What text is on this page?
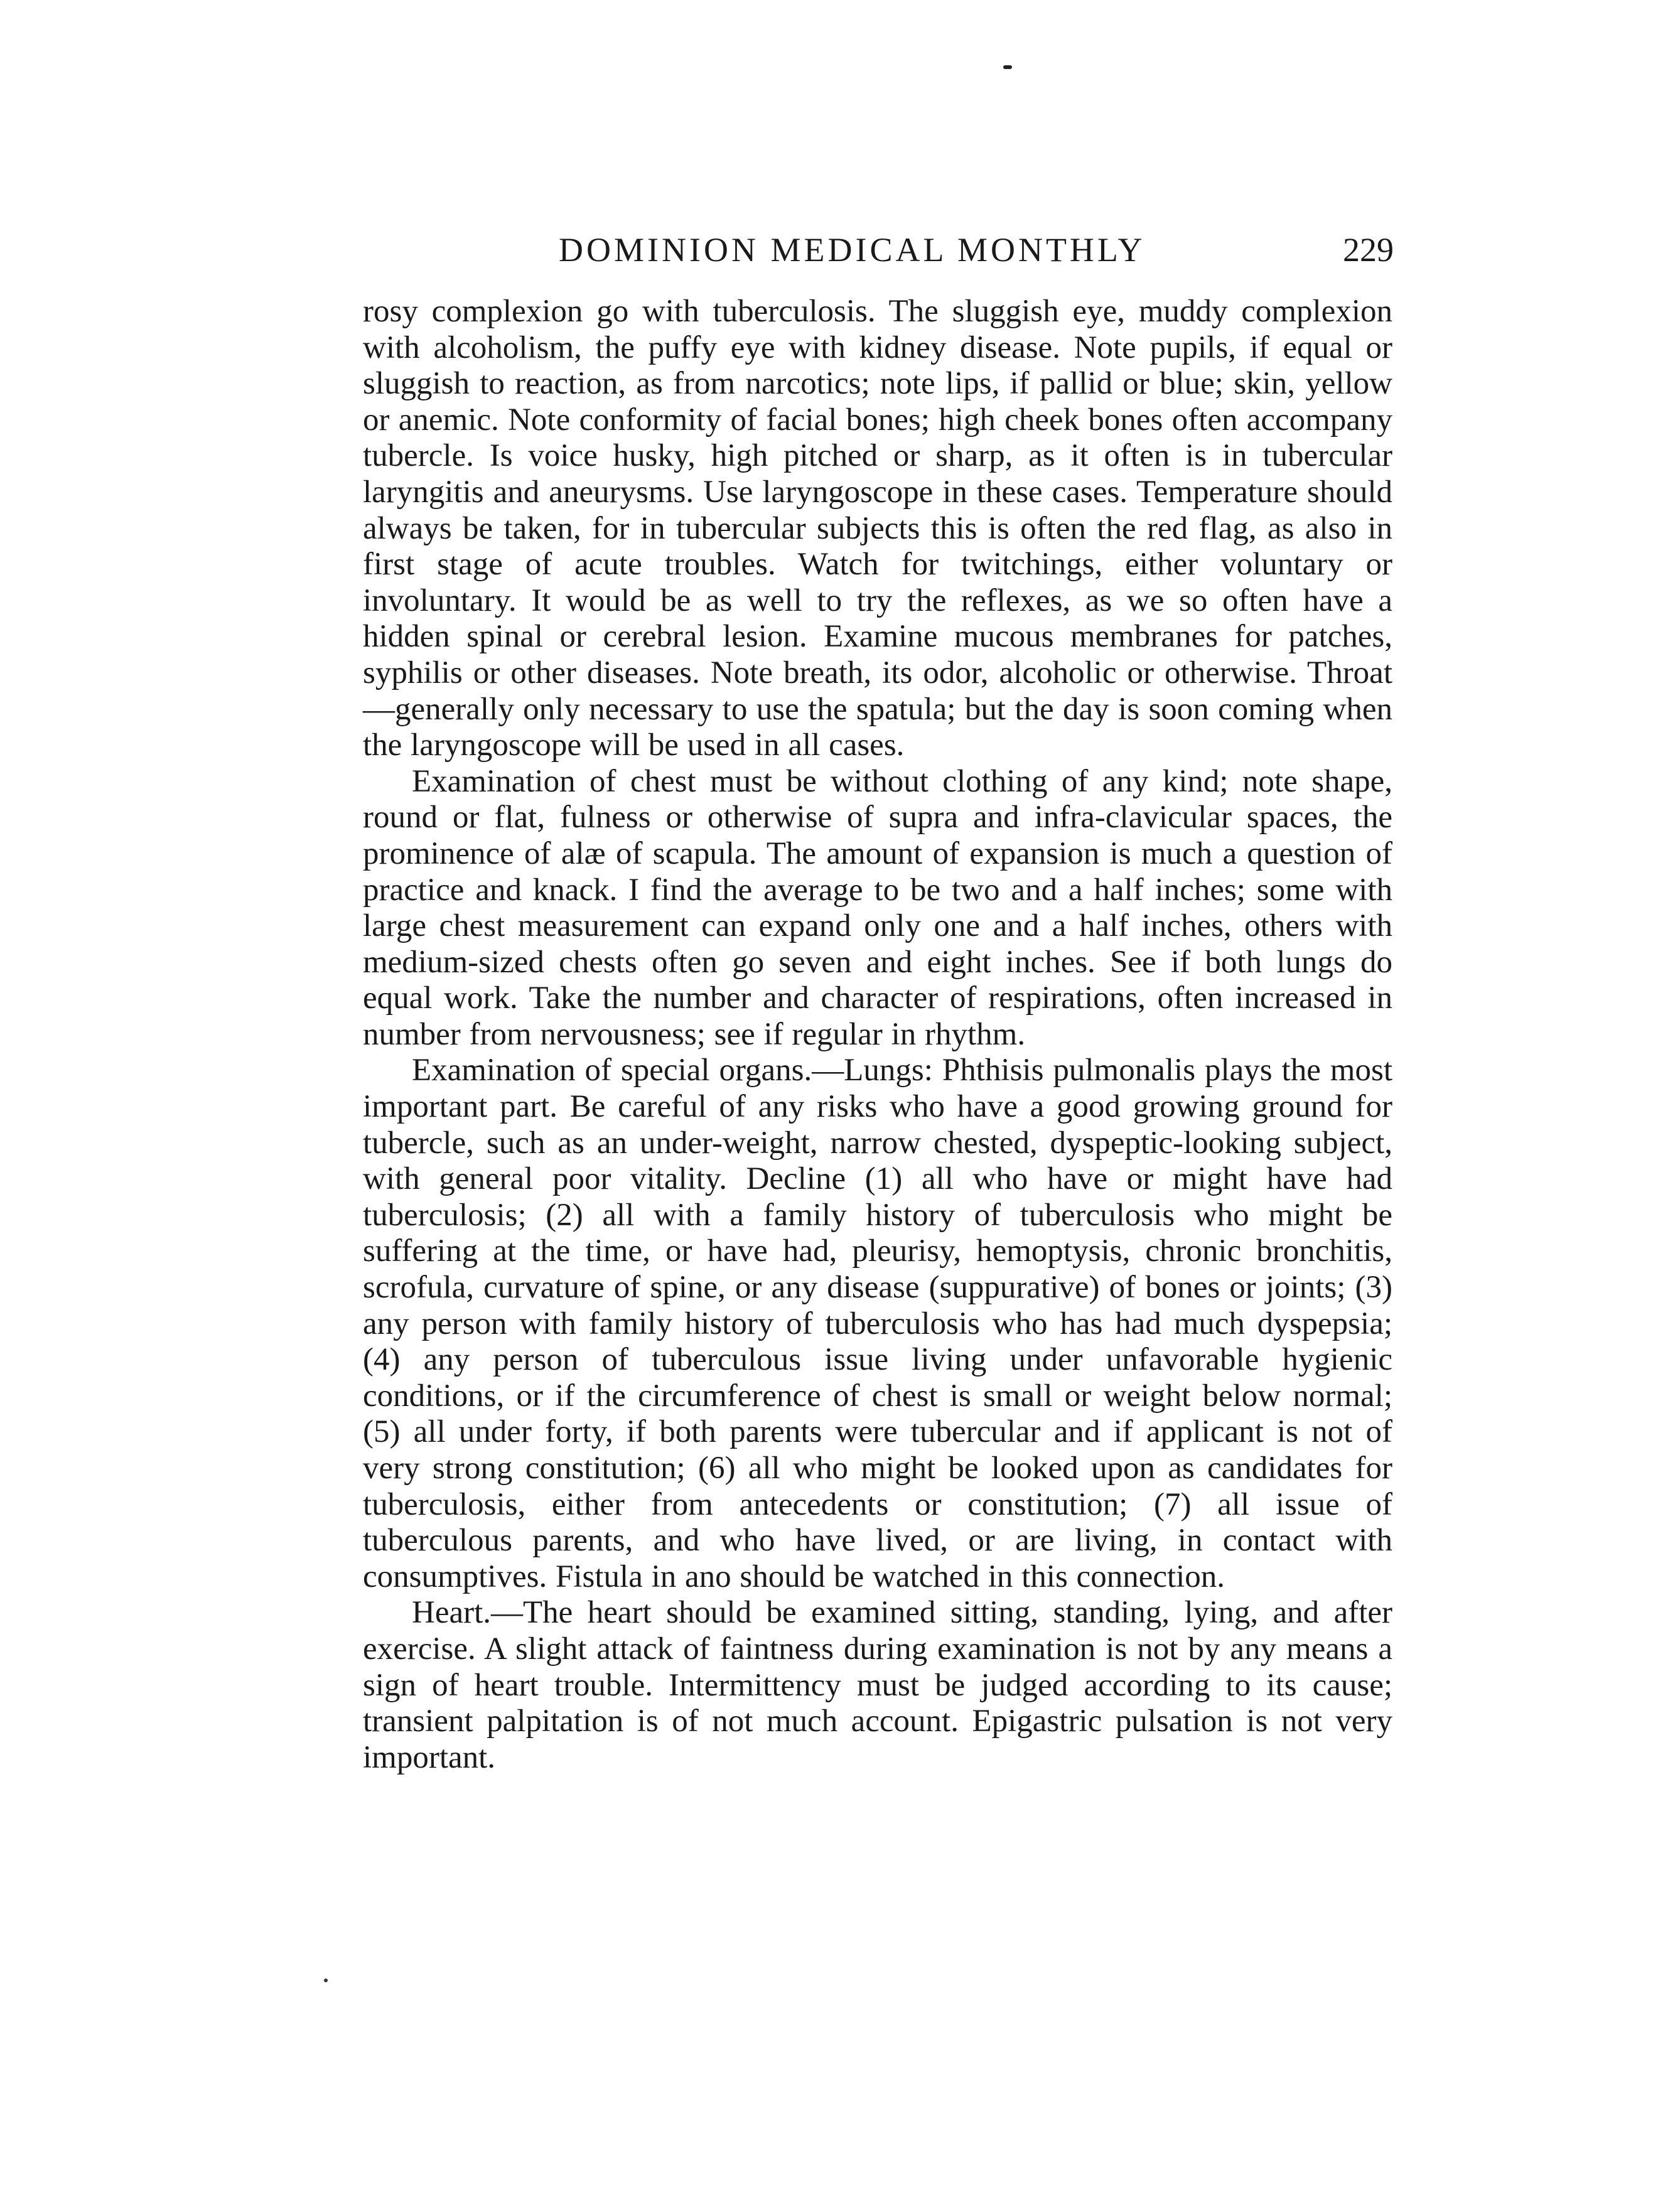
DOMINION MEDICAL MONTHLY	229

rosy complexion go with tuberculosis. The sluggish eye, muddy complexion with alcoholism, the puffy eye with kidney disease. Note pupils, if equal or sluggish to reaction, as from narcotics; note lips, if pallid or blue; skin, yellow or anemic. Note conformity of facial bones; high cheek bones often accompany tubercle. Is voice husky, high pitched or sharp, as it often is in tubercular laryngitis and aneurysms. Use laryngoscope in these cases. Temperature should always be taken, for in tubercular subjects this is often the red flag, as also in first stage of acute troubles. Watch for twitchings, either voluntary or involuntary. It would be as well to try the reflexes, as we so often have a hidden spinal or cerebral lesion. Examine mucous membranes for patches, syphilis or other diseases. Note breath, its odor, alcoholic or otherwise. Throat—generally only necessary to use the spatula; but the day is soon coming when the laryngoscope will be used in all cases.

Examination of chest must be without clothing of any kind; note shape, round or flat, fulness or otherwise of supra and infra-clavicular spaces, the prominence of alæ of scapula. The amount of expansion is much a question of practice and knack. I find the average to be two and a half inches; some with large chest measurement can expand only one and a half inches, others with medium-sized chests often go seven and eight inches. See if both lungs do equal work. Take the number and character of respirations, often increased in number from nervousness; see if regular in rhythm.

Examination of special organs.—Lungs: Phthisis pulmonalis plays the most important part. Be careful of any risks who have a good growing ground for tubercle, such as an under-weight, narrow chested, dyspeptic-looking subject, with general poor vitality. Decline (1) all who have or might have had tuberculosis; (2) all with a family history of tuberculosis who might be suffering at the time, or have had, pleurisy, hemoptysis, chronic bronchitis, scrofula, curvature of spine, or any disease (suppurative) of bones or joints; (3) any person with family history of tuberculosis who has had much dyspepsia; (4) any person of tuberculous issue living under unfavorable hygienic conditions, or if the circumference of chest is small or weight below normal; (5) all under forty, if both parents were tubercular and if applicant is not of very strong constitution; (6) all who might be looked upon as candidates for tuberculosis, either from antecedents or constitution; (7) all issue of tuberculous parents, and who have lived, or are living, in contact with consumptives. Fistula in ano should be watched in this connection.

Heart.—The heart should be examined sitting, standing, lying, and after exercise. A slight attack of faintness during examination is not by any means a sign of heart trouble. Intermittency must be judged according to its cause; transient palpitation is of not much account. Epigastric pulsation is not very important.
